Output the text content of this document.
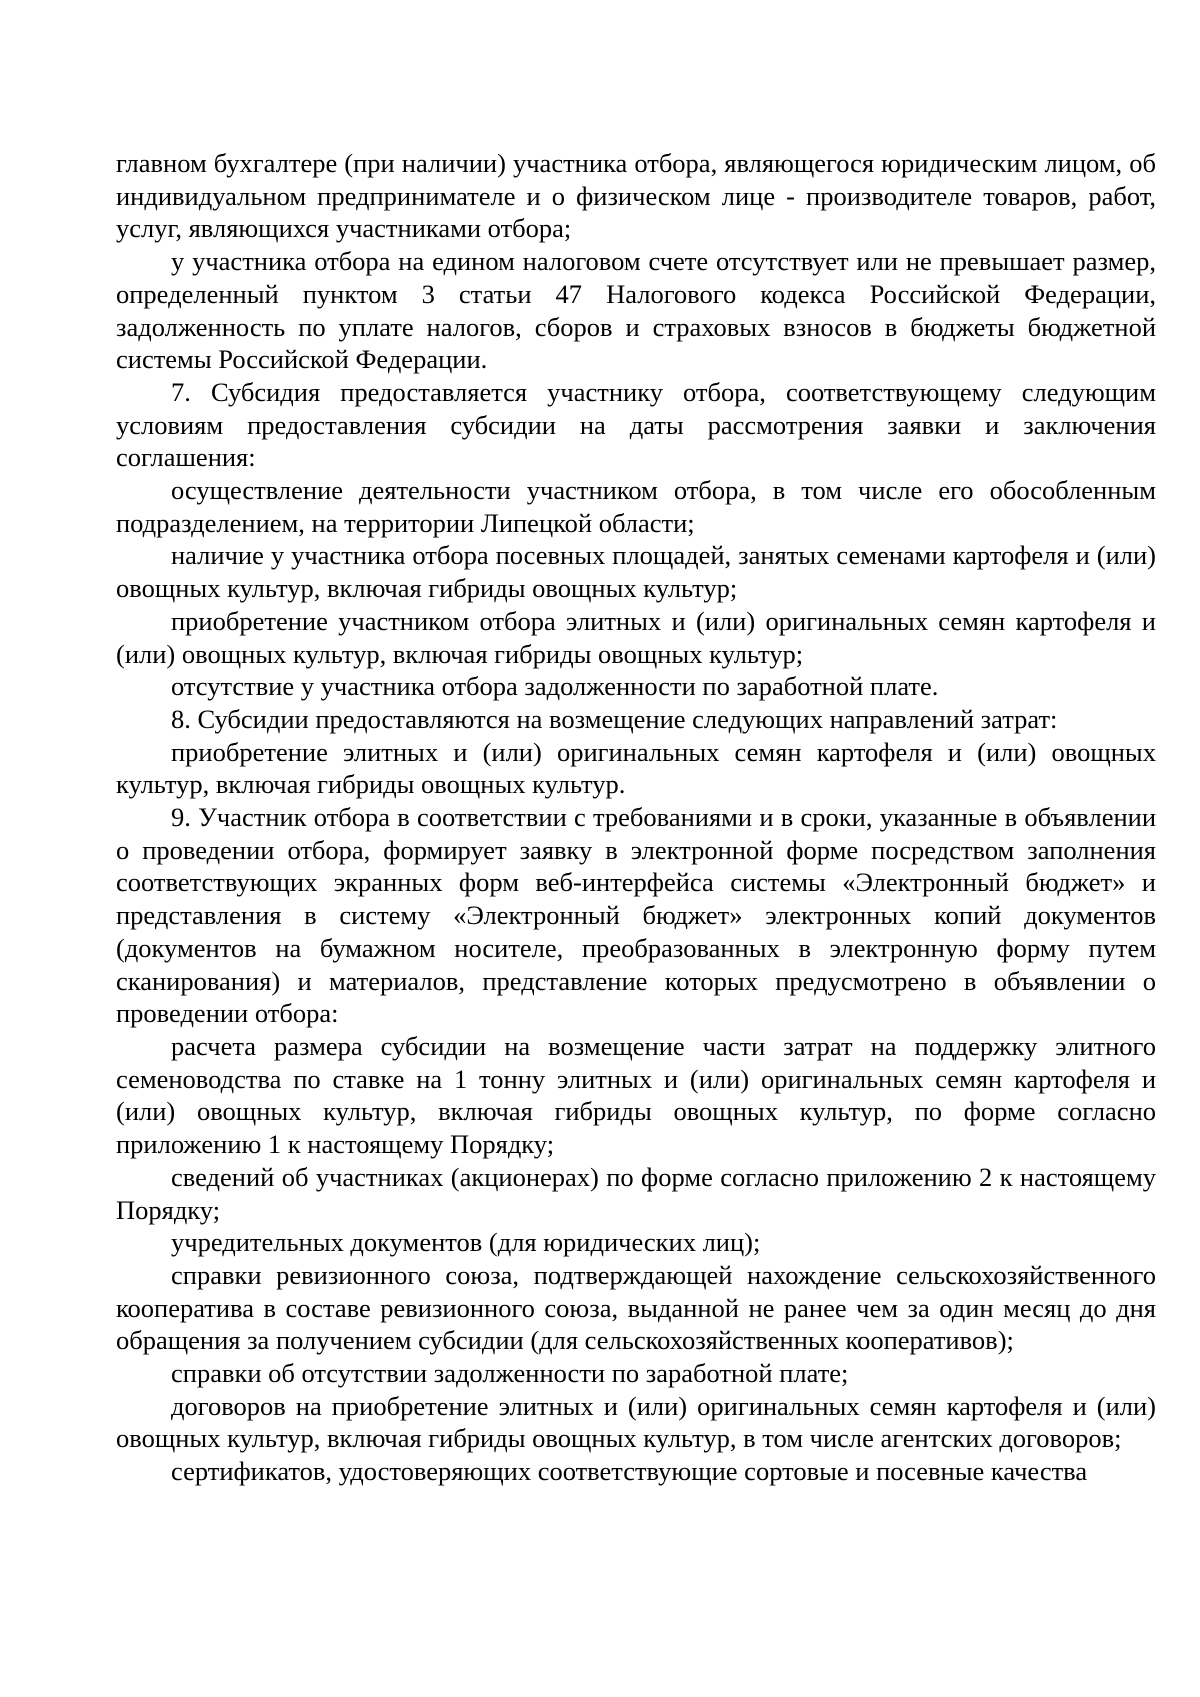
главном бухгалтере (при наличии) участника отбора, являющегося юридическим лицом, об индивидуальном предпринимателе и о физическом лице - производителе товаров, работ, услуг, являющихся участниками отбора;

у участника отбора на едином налоговом счете отсутствует или не превышает размер, определенный пунктом 3 статьи 47 Налогового кодекса Российской Федерации, задолженность по уплате налогов, сборов и страховых взносов в бюджеты бюджетной системы Российской Федерации.

7. Субсидия предоставляется участнику отбора, соответствующему следующим условиям предоставления субсидии на даты рассмотрения заявки и заключения соглашения:

осуществление деятельности участником отбора, в том числе его обособленным подразделением, на территории Липецкой области;

наличие у участника отбора посевных площадей, занятых семенами картофеля и (или) овощных культур, включая гибриды овощных культур;

приобретение участником отбора элитных и (или) оригинальных семян картофеля и (или) овощных культур, включая гибриды овощных культур;

отсутствие у участника отбора задолженности по заработной плате.

8. Субсидии предоставляются на возмещение следующих направлений затрат:

приобретение элитных и (или) оригинальных семян картофеля и (или) овощных культур, включая гибриды овощных культур.

9. Участник отбора в соответствии с требованиями и в сроки, указанные в объявлении о проведении отбора, формирует заявку в электронной форме посредством заполнения соответствующих экранных форм веб-интерфейса системы «Электронный бюджет» и представления в систему «Электронный бюджет» электронных копий документов (документов на бумажном носителе, преобразованных в электронную форму путем сканирования) и материалов, представление которых предусмотрено в объявлении о проведении отбора:

расчета размера субсидии на возмещение части затрат на поддержку элитного семеноводства по ставке на 1 тонну элитных и (или) оригинальных семян картофеля и (или) овощных культур, включая гибриды овощных культур, по форме согласно приложению 1 к настоящему Порядку;

сведений об участниках (акционерах) по форме согласно приложению 2 к настоящему Порядку;

учредительных документов (для юридических лиц);

справки ревизионного союза, подтверждающей нахождение сельскохозяйственного кооператива в составе ревизионного союза, выданной не ранее чем за один месяц до дня обращения за получением субсидии (для сельскохозяйственных кооперативов);

справки об отсутствии задолженности по заработной плате;

договоров на приобретение элитных и (или) оригинальных семян картофеля и (или) овощных культур, включая гибриды овощных культур, в том числе агентских договоров;

сертификатов, удостоверяющих соответствующие сортовые и посевные качества
